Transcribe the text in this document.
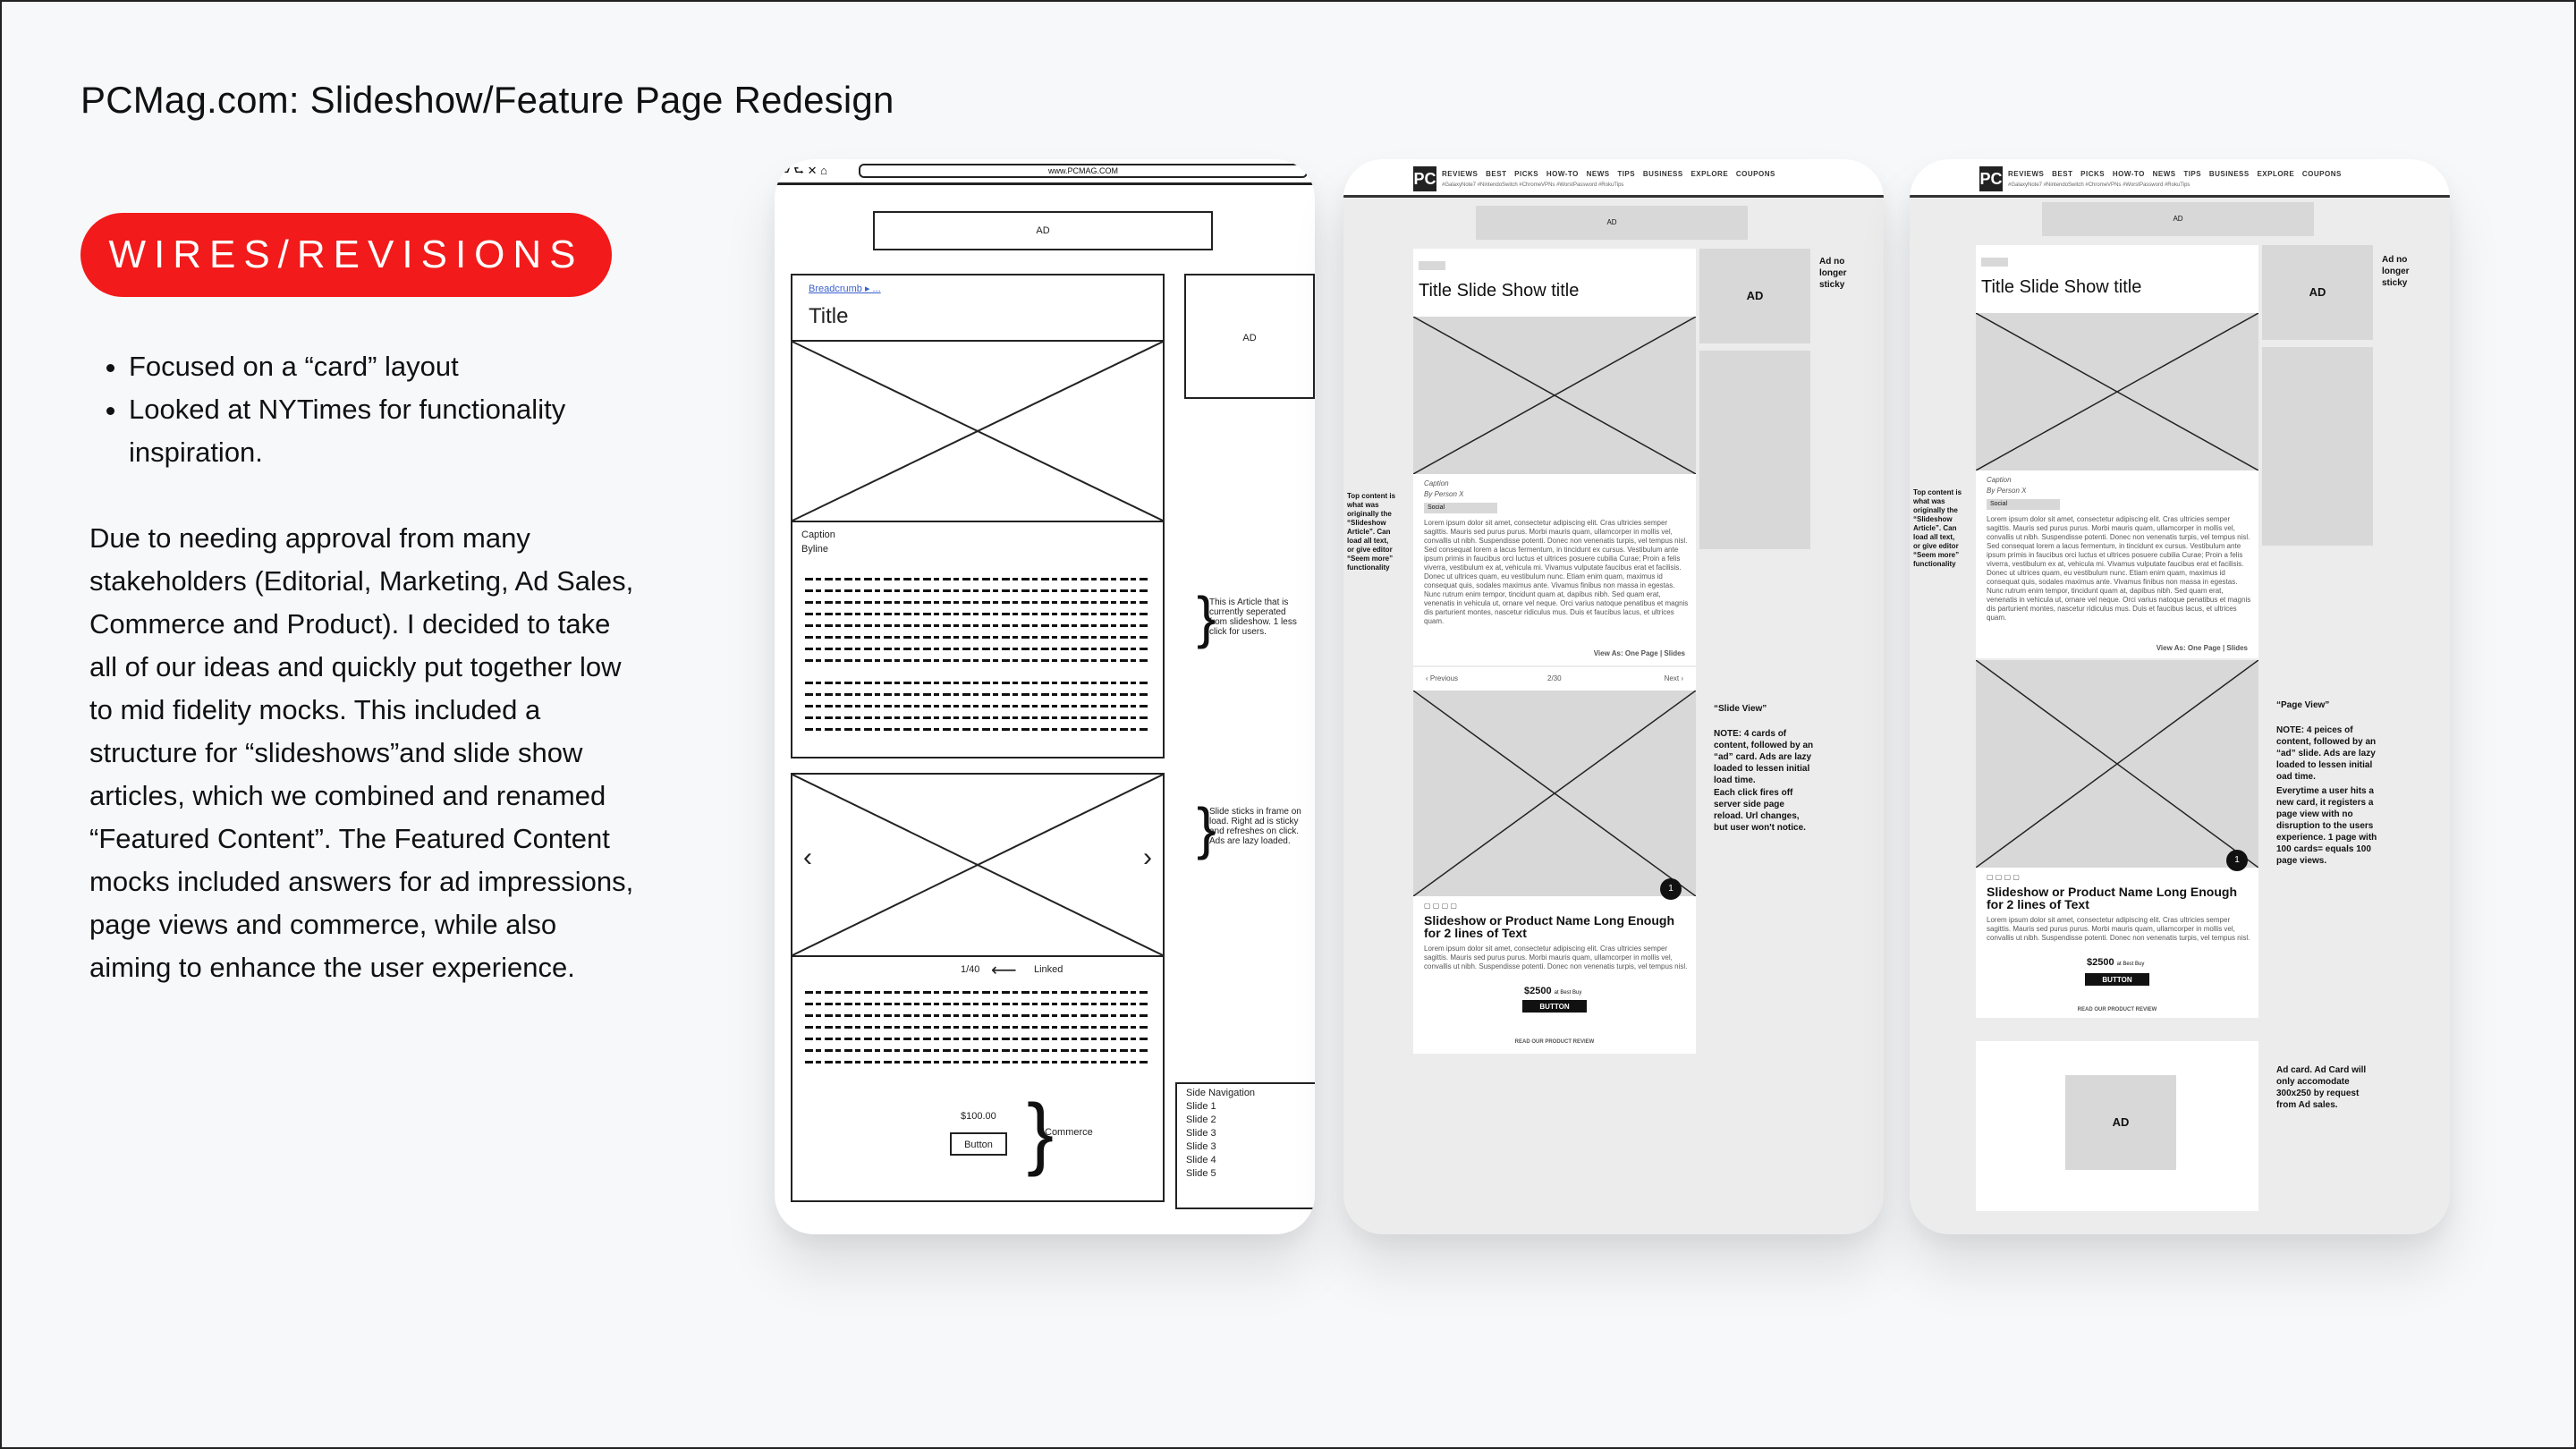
PCMag.com: Slideshow/Feature Page Redesign
WIRES/REVISIONS
• Focused on a “card” layout
• Looked at NYTimes for functionality inspiration.
Due to needing approval from many stakeholders (Editorial, Marketing, Ad Sales, Commerce and Product). I decided to take all of our ideas and quickly put together low to mid fidelity mocks. This included a structure for “slideshows”and slide show articles, which we combined and renamed “Featured Content”. The Featured Content mocks included answers for ad impressions, page views and commerce, while also aiming to enhance the user experience.
⮐ ⮑ ✕ ⌂	www.PCMAG.COM
AD
Breadcrumb ▸ ...
Title
AD
Caption
Byline
This is Article that is currently seperated from slideshow. 1 less click for users.
}
‹	›
Slide sticks in frame on load. Right ad is sticky and refreshes on click. Ads are lazy loaded.
}
1/40 ⟵ Linked
$100.00
Button }
Commerce
Side Navigation
Slide 1
Slide 2
Slide 3
Slide 3
Slide 4
Slide 5
PC REVIEWS BEST PICKS HOW-TO NEWS TIPS BUSINESS EXPLORE COUPONS
#GalaxyNote7 #NintendoSwitch #ChromeVPNs #WorstPassword #RokuTips
AD
Title Slide Show title
Caption
By Person X
Social
Lorem ipsum dolor sit amet, consectetur adipiscing elit. Cras ultricies semper sagittis. Mauris sed purus purus. Morbi mauris quam, ullamcorper in mollis vel, convallis ut nibh. Suspendisse potenti. Donec non venenatis turpis, vel tempus nisl. Sed consequat lorem a lacus fermentum, in tincidunt ex cursus. Vestibulum ante ipsum primis in faucibus orci luctus et ultrices posuere cubilia Curae; Proin a felis viverra, vestibulum ex at, vehicula mi. Vivamus vulputate faucibus erat et facilisis. Donec ut ultrices quam, eu vestibulum nunc. Etiam enim quam, maximus id consequat quis, sodales maximus ante. Vivamus finibus non massa in egestas. Nunc rutrum enim tempor, tincidunt quam at, dapibus nibh. Sed quam erat, venenatis in vehicula ut, ornare vel neque. Orci varius natoque penatibus et magnis dis parturient montes, nascetur ridiculus mus. Duis et faucibus lacus, et ultrices quam.
View As: One Page | Slides
AD
Ad no longer sticky
Top content is what was originally the “Slideshow Article”. Can load all text, or give editor “Seem more” functionality
‹ Previous	2/30	Next ›
1
▢ ▢ ▢ ▢
Slideshow or Product Name Long Enough for 2 lines of Text
Lorem ipsum dolor sit amet, consectetur adipiscing elit. Cras ultricies semper sagittis. Mauris sed purus purus. Morbi mauris quam, ullamcorper in mollis vel, convallis ut nibh. Suspendisse potenti. Donec non venenatis turpis, vel tempus nisl.
$2500 at Best Buy
BUTTON
READ OUR PRODUCT REVIEW
“Slide View”
NOTE: 4 cards of content, followed by an “ad” card. Ads are lazy loaded to lessen initial load time.
Each click fires off server side page reload. Url changes, but user won't notice.
PC REVIEWS BEST PICKS HOW-TO NEWS TIPS BUSINESS EXPLORE COUPONS
#GalaxyNote7 #NintendoSwitch #ChromeVPNs #WorstPassword #RokuTips
AD
Title Slide Show title
Caption
By Person X
Social
Lorem ipsum dolor sit amet, consectetur adipiscing elit. Cras ultricies semper sagittis. Mauris sed purus purus. Morbi mauris quam, ullamcorper in mollis vel, convallis ut nibh. Suspendisse potenti. Donec non venenatis turpis, vel tempus nisl. Sed consequat lorem a lacus fermentum, in tincidunt ex cursus. Vestibulum ante ipsum primis in faucibus orci luctus et ultrices posuere cubilia Curae; Proin a felis viverra, vestibulum ex at, vehicula mi. Vivamus vulputate faucibus erat et facilisis. Donec ut ultrices quam, eu vestibulum nunc. Etiam enim quam, maximus id consequat quis, sodales maximus ante. Vivamus finibus non massa in egestas. Nunc rutrum enim tempor, tincidunt quam at, dapibus nibh. Sed quam erat, venenatis in vehicula ut, ornare vel neque. Orci varius natoque penatibus et magnis dis parturient montes, nascetur ridiculus mus. Duis et faucibus lacus, et ultrices quam.
View As: One Page | Slides
AD
Ad no longer sticky
Top content is what was originally the “Slideshow Article”. Can load all text, or give editor “Seem more” functionality
1
▢ ▢ ▢ ▢
Slideshow or Product Name Long Enough for 2 lines of Text
Lorem ipsum dolor sit amet, consectetur adipiscing elit. Cras ultricies semper sagittis. Mauris sed purus purus. Morbi mauris quam, ullamcorper in mollis vel, convallis ut nibh. Suspendisse potenti. Donec non venenatis turpis, vel tempus nisl.
$2500 at Best Buy
BUTTON
READ OUR PRODUCT REVIEW
“Page View”
NOTE: 4 peices of content, followed by an “ad” slide. Ads are lazy loaded to lessen initial oad time.
Everytime a user hits a new card, it registers a page view with no disruption to the users experience. 1 page with 100 cards= equals 100 page views.
AD
Ad card. Ad Card will only accomodate 300x250 by request from Ad sales.
